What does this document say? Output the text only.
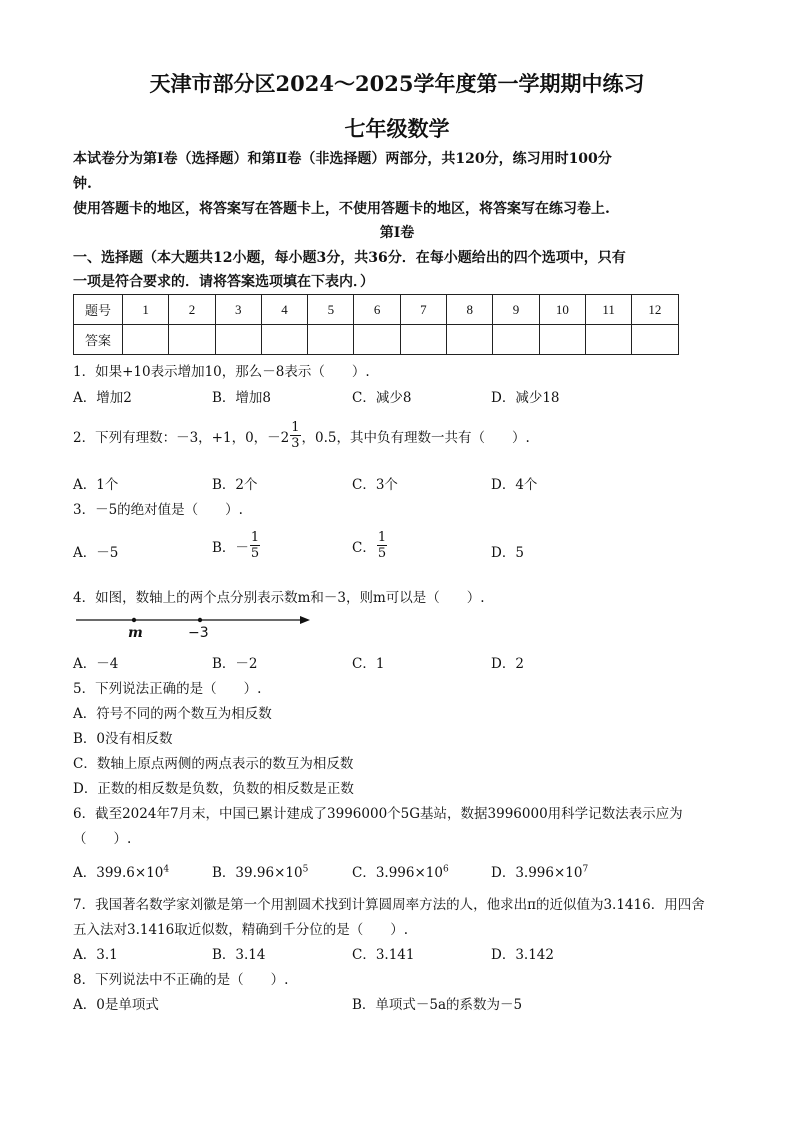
天津市部分区2024～2025学年度第一学期期中练习
七年级数学
本试卷分为第Ⅰ卷（选择题）和第Ⅱ卷（非选择题）两部分，共120分，练习用时100分
钟.
使用答题卡的地区，将答案写在答题卡上，不使用答题卡的地区，将答案写在练习卷上.
第Ⅰ卷
一、选择题（本大题共12小题，每小题3分，共36分．在每小题给出的四个选项中，只有
一项是符合要求的．请将答案选项填在下表内．）
题号	1	2	3	4	5	6	7	8	9	10	11	12
答案												
1．如果+10表示增加10，那么－8表示（　　）.
A．增加2	B．增加8	C．减少8	D．减少18
2．下列有理数：－3，+1，0，$-2 \frac{1}{3}$ ，0.5，其中负有理数一共有（　　）.
A．1个	B．2个	C．3个	D．4个
3．－5的绝对值是（　　）.
A．－5	B．－ $\frac{1}{5}$	C． $\frac{1}{5}$	D．5
4．如图，数轴上的两个点分别表示数m和－3，则m可以是（　　）.
m	−3
A．－4	B．－2	C．1	D．2
5．下列说法正确的是（　　）.
A．符号不同的两个数互为相反数
B．0没有相反数
C．数轴上原点两侧的两点表示的数互为相反数
D．正数的相反数是负数，负数的相反数是正数
6．截至2024年7月末，中国已累计建成了3996000个5G基站，数据3996000用科学记数法表示应为
（　　）.
A．$399.6\times 10^4$	B．$39.96\times 10^5$	C．$3.996\times 10^6$	D．$3.996\times 10^7$
7．我国著名数学家刘徽是第一个用割圆术找到计算圆周率方法的人，他求出π的近似值为3.1416．用四舍
五入法对3.1416取近似数，精确到千分位的是（　　）.
A．3.1	B．3.14	C．3.141	D．3.142
8．下列说法中不正确的是（　　）.
A．0是单项式	B．单项式－5a的系数为－5
